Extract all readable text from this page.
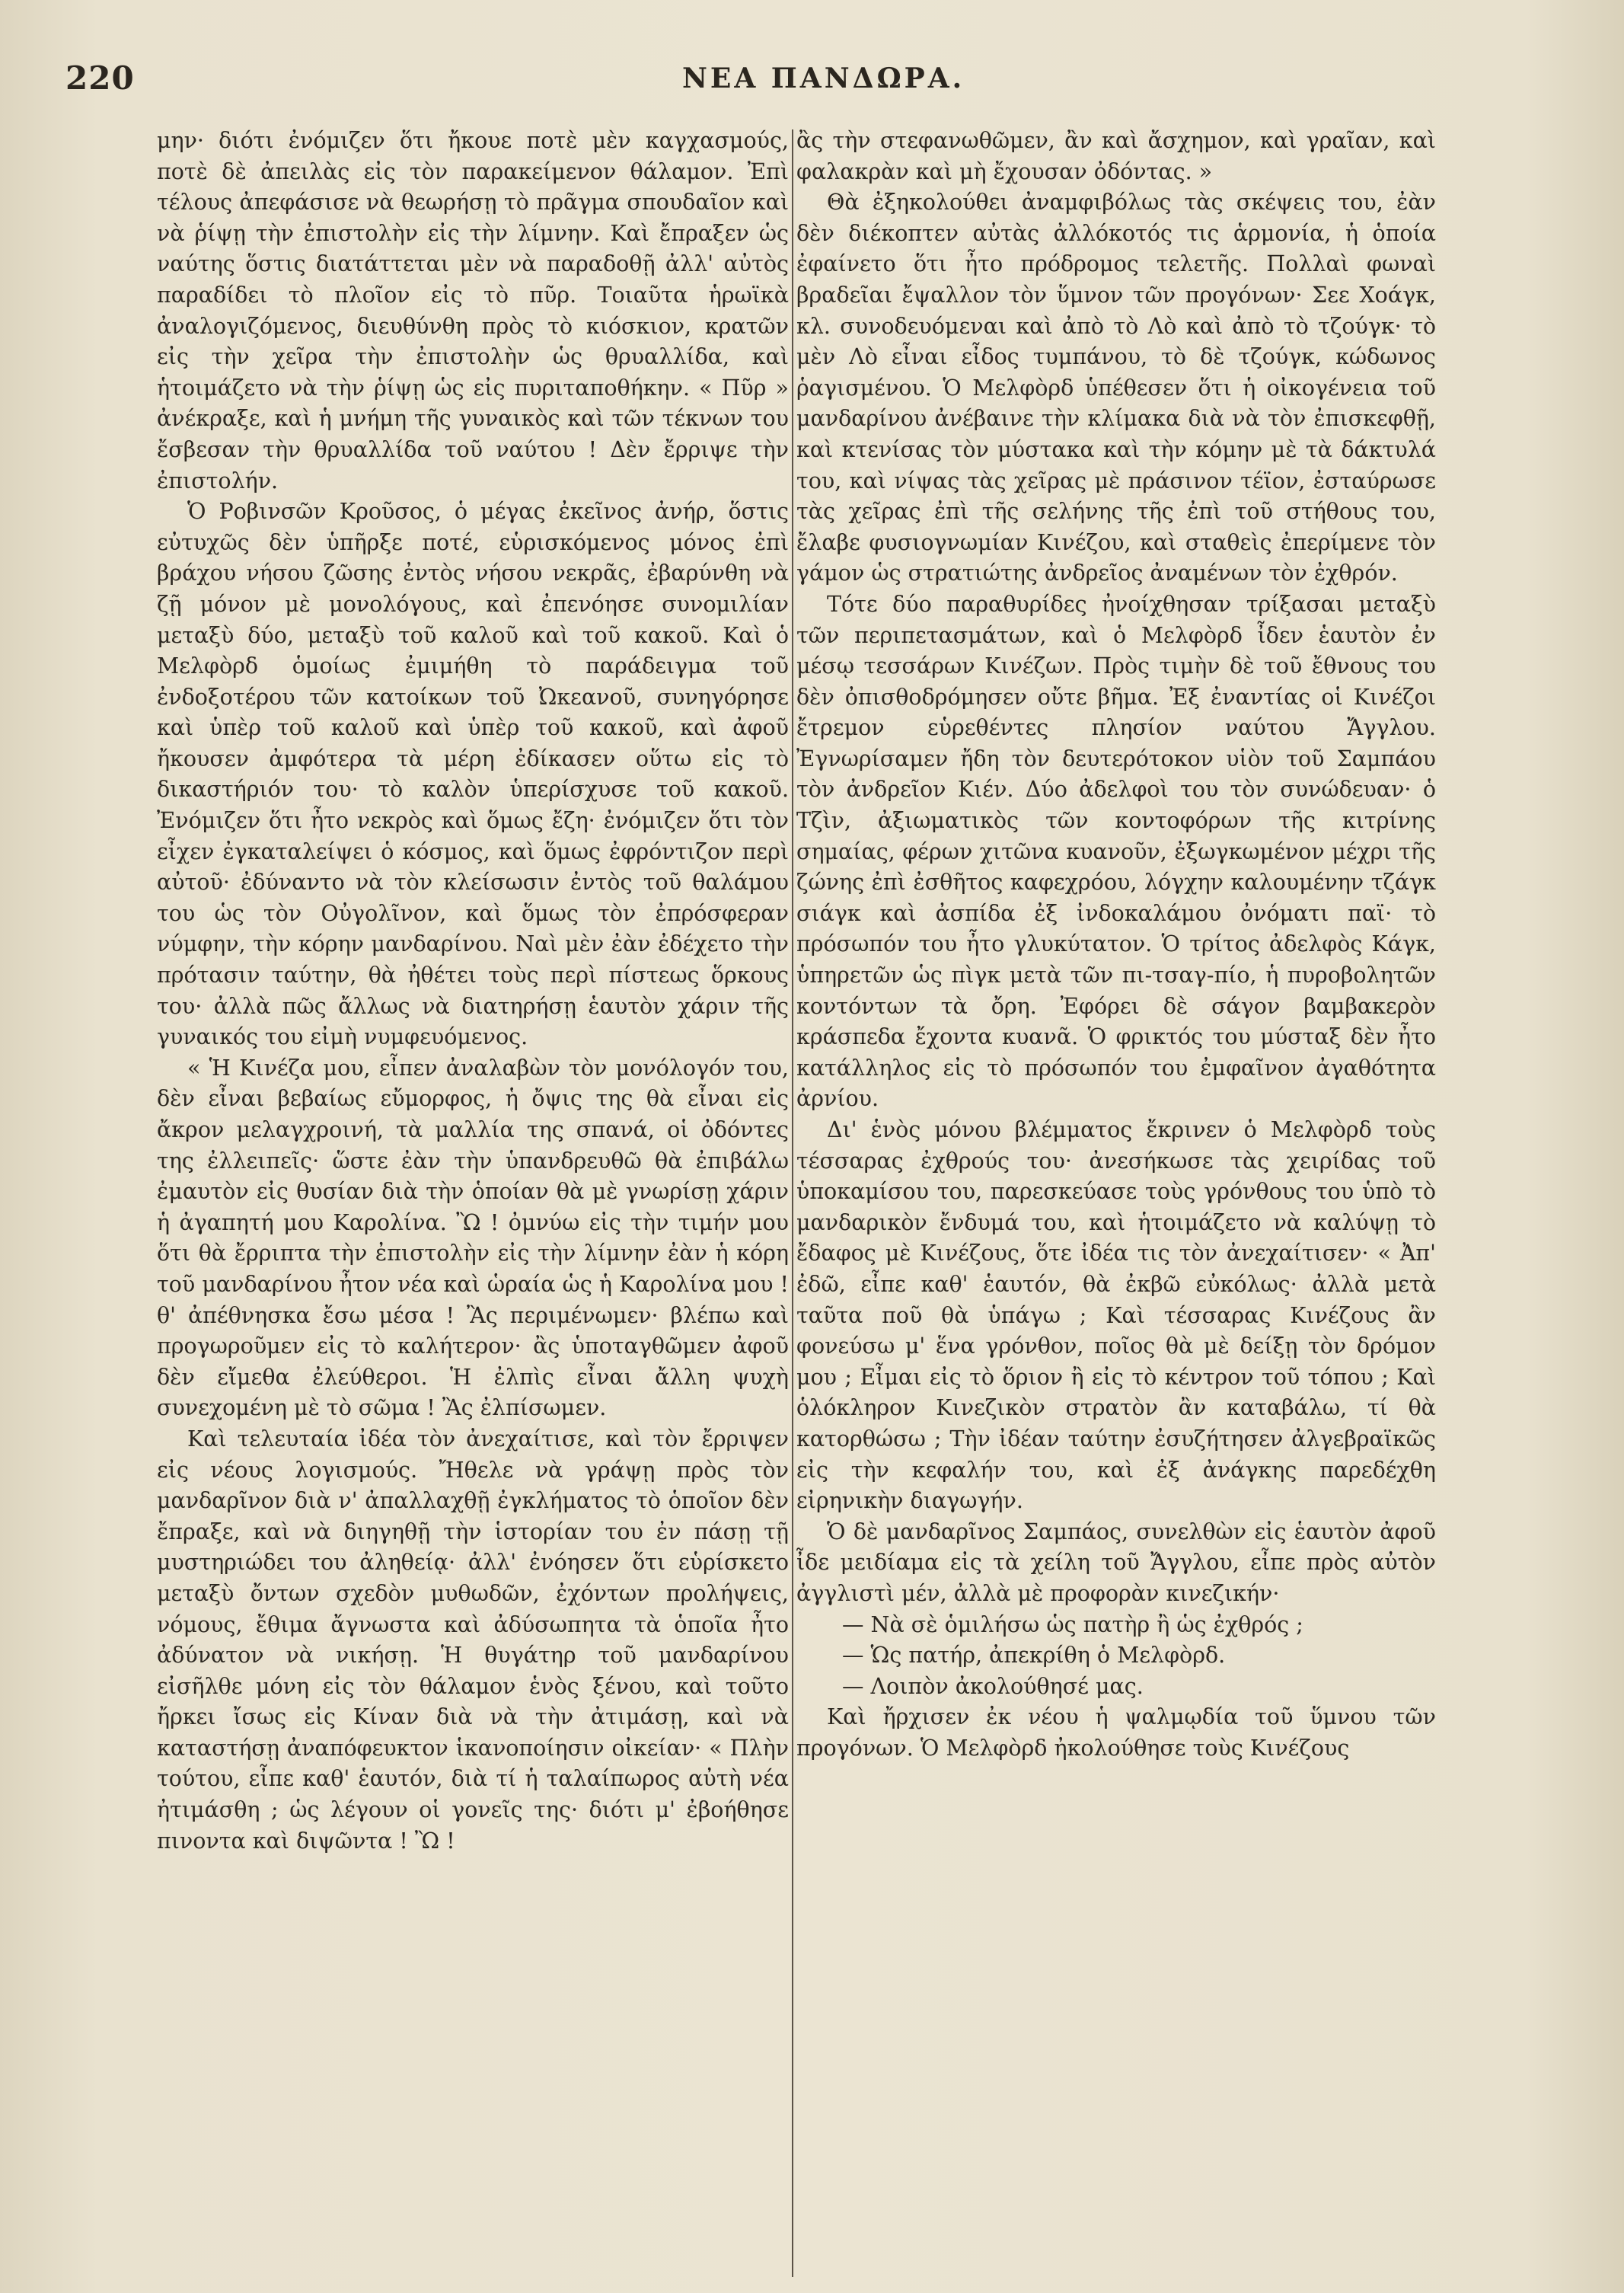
220	ΝΕΑ ΠΑΝΔΩΡΑ.

μην· διότι ἐνόμιζεν ὅτι ἤκουε ποτὲ μὲν καγχασμούς, ποτὲ δὲ ἀπειλὰς εἰς τὸν παρακείμενον θάλαμον. Ἐπὶ τέλους ἀπεφάσισε νὰ θεωρήσῃ τὸ πρᾶγμα σπουδαῖον καὶ νὰ ῥίψῃ τὴν ἐπιστολὴν εἰς τὴν λίμνην. Καὶ ἔπραξεν ὡς ναύτης ὅστις διατάττεται μὲν νὰ παραδοθῇ ἀλλ' αὐτὸς παραδίδει τὸ πλοῖον εἰς τὸ πῦρ. Τοιαῦτα ἡρωϊκὰ ἀναλογιζόμενος, διευθύνθη πρὸς τὸ κιόσκιον, κρατῶν εἰς τὴν χεῖρα τὴν ἐπιστολὴν ὡς θρυαλλίδα, καὶ ἡτοιμάζετο νὰ τὴν ῥίψῃ ὡς εἰς πυριταποθήκην. « Πῦρ » ἀνέκραξε, καὶ ἡ μνήμη τῆς γυναικὸς καὶ τῶν τέκνων του ἔσβεσαν τὴν θρυαλλίδα τοῦ ναύτου ! Δὲν ἔρριψε τὴν ἐπιστολήν.

Ὁ Ροβινσῶν Κροῦσος, ὁ μέγας ἐκεῖνος ἀνήρ, ὅστις εὐτυχῶς δὲν ὑπῆρξε ποτέ, εὑρισκόμενος μόνος ἐπὶ βράχου νήσου ζῶσης ἐντὸς νήσου νεκρᾶς, ἐβαρύνθη νὰ ζῇ μόνον μὲ μονολόγους, καὶ ἐπενόησε συνομιλίαν μεταξὺ δύο, μεταξὺ τοῦ καλοῦ καὶ τοῦ κακοῦ. Καὶ ὁ Μελφὸρδ ὁμοίως ἐμιμήθη τὸ παράδειγμα τοῦ ἐνδοξοτέρου τῶν κατοίκων τοῦ Ὠκεανοῦ, συνηγόρησε καὶ ὑπὲρ τοῦ καλοῦ καὶ ὑπὲρ τοῦ κακοῦ, καὶ ἀφοῦ ἤκουσεν ἀμφότερα τὰ μέρη ἐδίκασεν οὕτω εἰς τὸ δικαστήριόν του· τὸ καλὸν ὑπερίσχυσε τοῦ κακοῦ. Ἐνόμιζεν ὅτι ἦτο νεκρὸς καὶ ὅμως ἔζη· ἐνόμιζεν ὅτι τὸν εἶχεν ἐγκαταλείψει ὁ κόσμος, καὶ ὅμως ἐφρόντιζον περὶ αὐτοῦ· ἐδύναντο νὰ τὸν κλείσωσιν ἐντὸς τοῦ θαλάμου του ὡς τὸν Οὐγολῖνον, καὶ ὅμως τὸν ἐπρόσφεραν νύμφην, τὴν κόρην μανδαρίνου. Ναὶ μὲν ἐὰν ἐδέχετο τὴν πρότασιν ταύτην, θὰ ἠθέτει τοὺς περὶ πίστεως ὅρκους του· ἀλλὰ πῶς ἄλλως νὰ διατηρήσῃ ἑαυτὸν χάριν τῆς γυναικός του εἰμὴ νυμφευόμενος.

« Ἡ Κινέζα μου, εἶπεν ἀναλαβὼν τὸν μονόλογόν του, δὲν εἶναι βεβαίως εὔμορφος, ἡ ὄψις της θὰ εἶναι εἰς ἄκρον μελαγχροινή, τὰ μαλλία της σπανά, οἱ ὀδόντες της ἐλλειπεῖς· ὥστε ἐὰν τὴν ὑπανδρευθῶ θὰ ἐπιβάλω ἐμαυτὸν εἰς θυσίαν διὰ τὴν ὁποίαν θὰ μὲ γνωρίσῃ χάριν ἡ ἀγαπητή μου Καρολίνα. Ὢ ! ὀμνύω εἰς τὴν τιμήν μου ὅτι θὰ ἔρριπτα τὴν ἐπιστολὴν εἰς τὴν λίμνην ἐὰν ἡ κόρη τοῦ μανδαρίνου ἦτον νέα καὶ ὡραία ὡς ἡ Καρολίνα μου ! θ' ἀπέθνησκα ἔσω μέσα ! Ἂς περιμένωμεν· βλέπω καὶ προγωροῦμεν εἰς τὸ καλήτερον· ἂς ὑποταγθῶμεν ἀφοῦ δὲν εἴμεθα ἐλεύθεροι. Ἡ ἐλπὶς εἶναι ἄλλη ψυχὴ συνεχομένη μὲ τὸ σῶμα ! Ἂς ἐλπίσωμεν.

Καὶ τελευταία ἰδέα τὸν ἀνεχαίτισε, καὶ τὸν ἔρριψεν εἰς νέους λογισμούς. Ἤθελε νὰ γράψῃ πρὸς τὸν μανδαρῖνον διὰ ν' ἀπαλλαχθῇ ἐγκλήματος τὸ ὁποῖον δὲν ἔπραξε, καὶ νὰ διηγηθῇ τὴν ἱστορίαν του ἐν πάσῃ τῇ μυστηριώδει του ἀληθείᾳ· ἀλλ' ἐνόησεν ὅτι εὑρίσκετο μεταξὺ ὄντων σχεδὸν μυθωδῶν, ἐχόντων προλήψεις, νόμους, ἔθιμα ἄγνωστα καὶ ἀδύσωπητα τὰ ὁποῖα ἦτο ἀδύνατον νὰ νικήσῃ. Ἡ θυγάτηρ τοῦ μανδαρίνου εἰσῆλθε μόνη εἰς τὸν θάλαμον ἑνὸς ξένου, καὶ τοῦτο ἤρκει ἴσως εἰς Κίναν διὰ νὰ τὴν ἀτιμάσῃ, καὶ νὰ καταστήσῃ ἀναπόφευκτον ἱκανοποίησιν οἰκείαν· « Πλὴν τούτου, εἶπε καθ' ἑαυτόν, διὰ τί ἡ ταλαίπωρος αὐτὴ νέα ἠτιμάσθη ; ὡς λέγουν οἱ γονεῖς της· διότι μ' ἐβοήθησε πινοντα καὶ διψῶντα ! Ὢ !

ἂς τὴν στεφανωθῶμεν, ἂν καὶ ἄσχημον, καὶ γραῖαν, καὶ φαλακρὰν καὶ μὴ ἔχουσαν ὀδόντας. »

Θὰ ἐξηκολούθει ἀναμφιβόλως τὰς σκέψεις του, ἐὰν δὲν διέκοπτεν αὐτὰς ἀλλόκοτός τις ἁρμονία, ἡ ὁποία ἐφαίνετο ὅτι ἦτο πρόδρομος τελετῆς. Πολλαὶ φωναὶ βραδεῖαι ἔψαλλον τὸν ὕμνον τῶν προγόνων· Σεε Χοάγκ, κλ. συνοδευόμεναι καὶ ἀπὸ τὸ Λὸ καὶ ἀπὸ τὸ τζούγκ· τὸ μὲν Λὸ εἶναι εἶδος τυμπάνου, τὸ δὲ τζούγκ, κώδωνος ῥαγισμένου. Ὁ Μελφὸρδ ὑπέθεσεν ὅτι ἡ οἰκογένεια τοῦ μανδαρίνου ἀνέβαινε τὴν κλίμακα διὰ νὰ τὸν ἐπισκεφθῇ, καὶ κτενίσας τὸν μύστακα καὶ τὴν κόμην μὲ τὰ δάκτυλά του, καὶ νίψας τὰς χεῖρας μὲ πράσινον τέϊον, ἐσταύρωσε τὰς χεῖρας ἐπὶ τῆς σελήνης τῆς ἐπὶ τοῦ στήθους του, ἔλαβε φυσιογνωμίαν Κινέζου, καὶ σταθεὶς ἐπερίμενε τὸν γάμον ὡς στρατιώτης ἀνδρεῖος ἀναμένων τὸν ἐχθρόν.

Τότε δύο παραθυρίδες ἠνοίχθησαν τρίξασαι μεταξὺ τῶν περιπετασμάτων, καὶ ὁ Μελφὸρδ ἶδεν ἑαυτὸν ἐν μέσῳ τεσσάρων Κινέζων. Πρὸς τιμὴν δὲ τοῦ ἔθνους του δὲν ὀπισθοδρόμησεν οὔτε βῆμα. Ἐξ ἐναντίας οἱ Κινέζοι ἔτρεμον εὑρεθέντες πλησίον ναύτου Ἄγγλου. Ἐγνωρίσαμεν ἤδη τὸν δευτερότοκον υἱὸν τοῦ Σαμπάου τὸν ἀνδρεῖον Κιέν. Δύο ἀδελφοὶ του τὸν συνώδευαν· ὁ Τζὶν, ἀξιωματικὸς τῶν κοντοφόρων τῆς κιτρίνης σημαίας, φέρων χιτῶνα κυανοῦν, ἐξωγκωμένον μέχρι τῆς ζώνης ἐπὶ ἐσθῆτος καφεχρόου, λόγχην καλουμένην τζάγκ σιάγκ καὶ ἀσπίδα ἐξ ἰνδοκαλάμου ὀνόματι παϊ· τὸ πρόσωπόν του ἦτο γλυκύτατον. Ὁ τρίτος ἀδελφὸς Κάγκ, ὑπηρετῶν ὡς πὶγκ μετὰ τῶν πι-τσαγ-πίο, ἡ πυροβολητῶν κοντόντων τὰ ὄρη. Ἐφόρει δὲ σάγον βαμβακερὸν κράσπεδα ἔχοντα κυανᾶ. Ὁ φρικτός του μύσταξ δὲν ἦτο κατάλληλος εἰς τὸ πρόσωπόν του ἐμφαῖνον ἀγαθότητα ἀρνίου.

Δι' ἑνὸς μόνου βλέμματος ἔκρινεν ὁ Μελφὸρδ τοὺς τέσσαρας ἐχθρούς του· ἀνεσήκωσε τὰς χειρίδας τοῦ ὑποκαμίσου του, παρεσκεύασε τοὺς γρόνθους του ὑπὸ τὸ μανδαρικὸν ἔνδυμά του, καὶ ἡτοιμάζετο νὰ καλύψῃ τὸ ἔδαφος μὲ Κινέζους, ὅτε ἰδέα τις τὸν ἀνεχαίτισεν· « Ἀπ' ἐδῶ, εἶπε καθ' ἑαυτόν, θὰ ἐκβῶ εὐκόλως· ἀλλὰ μετὰ ταῦτα ποῦ θὰ ὑπάγω ; Καὶ τέσσαρας Κινέζους ἂν φονεύσω μ' ἕνα γρόνθον, ποῖος θὰ μὲ δείξῃ τὸν δρόμον μου ; Εἶμαι εἰς τὸ ὅριον ἢ εἰς τὸ κέντρον τοῦ τόπου ; Καὶ ὁλόκληρον Κινεζικὸν στρατὸν ἂν καταβάλω, τί θὰ κατορθώσω ; Τὴν ἰδέαν ταύτην ἐσυζήτησεν ἀλγεβραϊκῶς εἰς τὴν κεφαλήν του, καὶ ἐξ ἀνάγκης παρεδέχθη εἰρηνικὴν διαγωγήν.

Ὁ δὲ μανδαρῖνος Σαμπάος, συνελθὼν εἰς ἑαυτὸν ἀφοῦ ἶδε μειδίαμα εἰς τὰ χείλη τοῦ Ἄγγλου, εἶπε πρὸς αὐτὸν ἀγγλιστὶ μέν, ἀλλὰ μὲ προφορὰν κινεζικήν·

— Νὰ σὲ ὁμιλήσω ὡς πατὴρ ἢ ὡς ἐχθρός ;

— Ὡς πατήρ, ἀπεκρίθη ὁ Μελφὸρδ.

— Λοιπὸν ἀκολούθησέ μας.

Καὶ ἤρχισεν ἐκ νέου ἡ ψαλμῳδία τοῦ ὕμνου τῶν προγόνων. Ὁ Μελφὸρδ ἠκολούθησε τοὺς Κινέζους
